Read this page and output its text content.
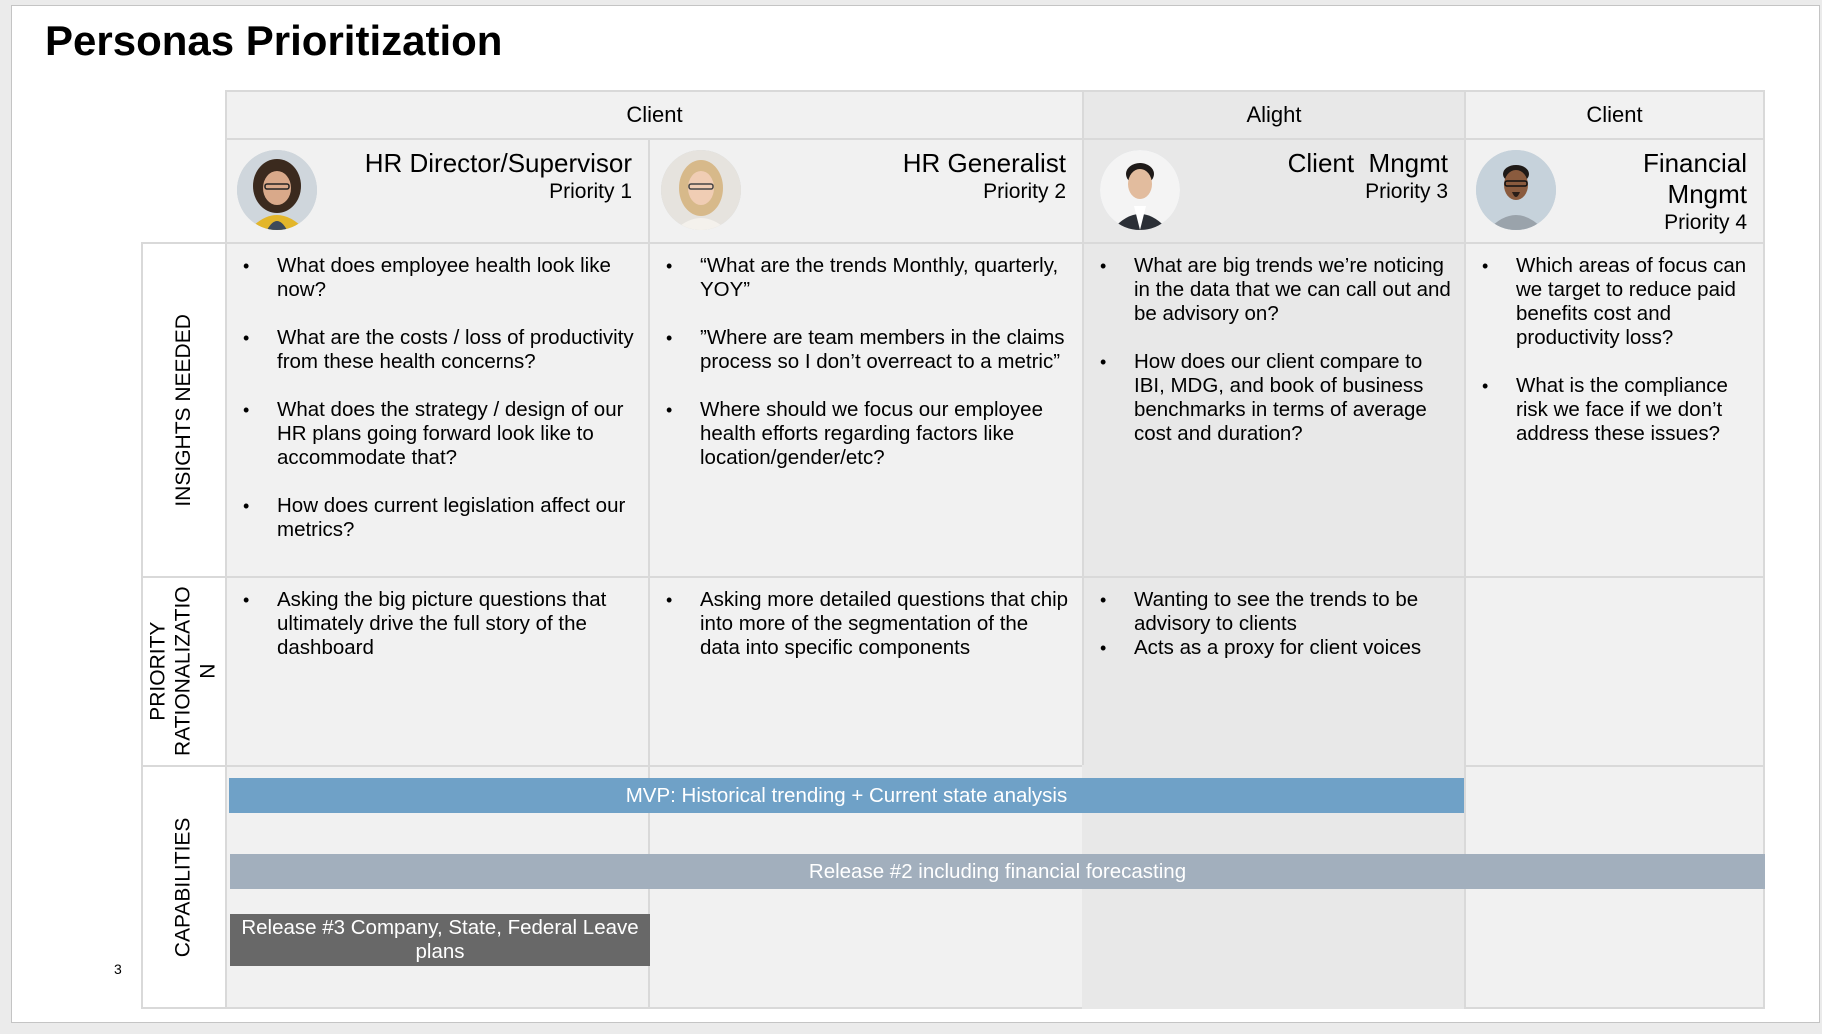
Personas Prioritization
3
Client	Alight	Client
HR Director/Supervisor
Priority 1
HR Generalist
Priority 2
Client  Mngmt
Priority 3
Financial
Mngmt
Priority 4
INSIGHTS NEEDED
PRIORITY RATIONALIZATIO N
CAPABILITIES
• What does employee health look like now?
• What are the costs / loss of productivity from these health concerns?
• What does the strategy / design of our HR plans going forward look like to accommodate that?
• How does current legislation affect our metrics?
• “What are the trends Monthly, quarterly, YOY”
• ”Where are team members in the claims process so I don’t overreact to a metric”
• Where should we focus our employee health efforts regarding factors like location/gender/etc?
• What are big trends we’re noticing in the data that we can call out and be advisory on?
• How does our client compare to IBI, MDG, and book of business benchmarks in terms of average cost and duration?
• Which areas of focus can we target to reduce paid benefits cost and productivity loss?
• What is the compliance risk we face if we don’t address these issues?
• Asking the big picture questions that ultimately drive the full story of the dashboard
• Asking more detailed questions that chip into more of the segmentation of the data into specific components
• Wanting to see the trends to be advisory to clients
• Acts as a proxy for client voices
MVP: Historical trending + Current state analysis
Release #2 including financial forecasting
Release #3 Company, State, Federal Leave plans
